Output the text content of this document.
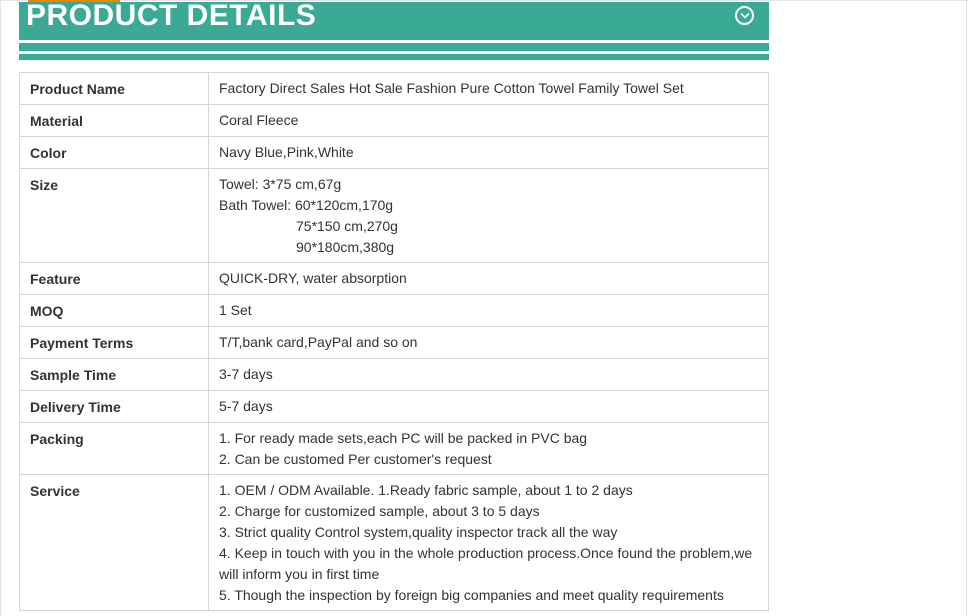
PRODUCT DETAILS
Product Name	Factory Direct Sales Hot Sale Fashion Pure Cotton Towel Family Towel Set
Material	Coral Fleece
Color	Navy Blue,Pink,White
Size	Towel: 3*75 cm,67g
Bath Towel: 60*120cm,170g
75*150 cm,270g
90*180cm,380g

Feature	QUICK-DRY, water absorption
MOQ	1 Set
Payment Terms	T/T,bank card,PayPal and so on
Sample Time	3-7 days
Delivery Time	5-7 days
Packing	1. For ready made sets,each PC will be packed in PVC bag
2. Can be customed Per customer's request

Service	1. OEM / ODM Available. 1.Ready fabric sample, about 1 to 2 days
2. Charge for customized sample, about 3 to 5 days
3. Strict quality Control system,quality inspector track all the way
4. Keep in touch with you in the whole production process.Once found the problem,we will inform you in first time
5. Though the inspection by foreign big companies and meet quality requirements
